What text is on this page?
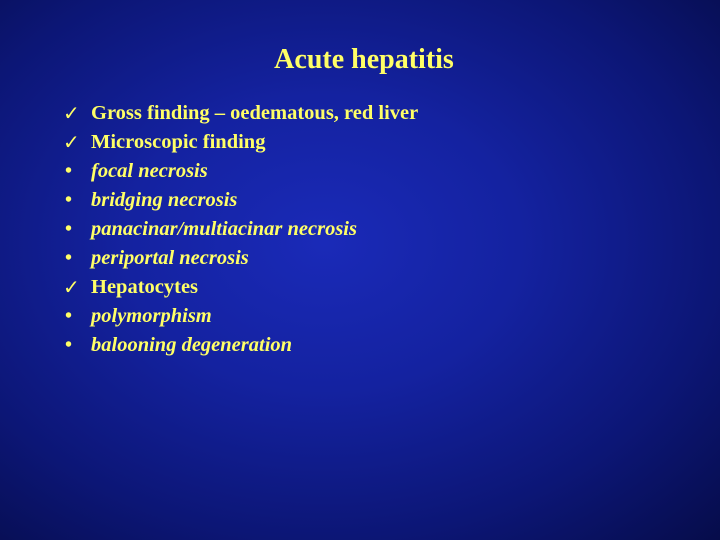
Acute hepatitis
✓ Gross finding – oedematous, red liver
✓ Microscopic finding
• focal necrosis
• bridging necrosis
• panacinar/multiacinar necrosis
• periportal necrosis
✓ Hepatocytes
• polymorphism
• balooning degeneration
